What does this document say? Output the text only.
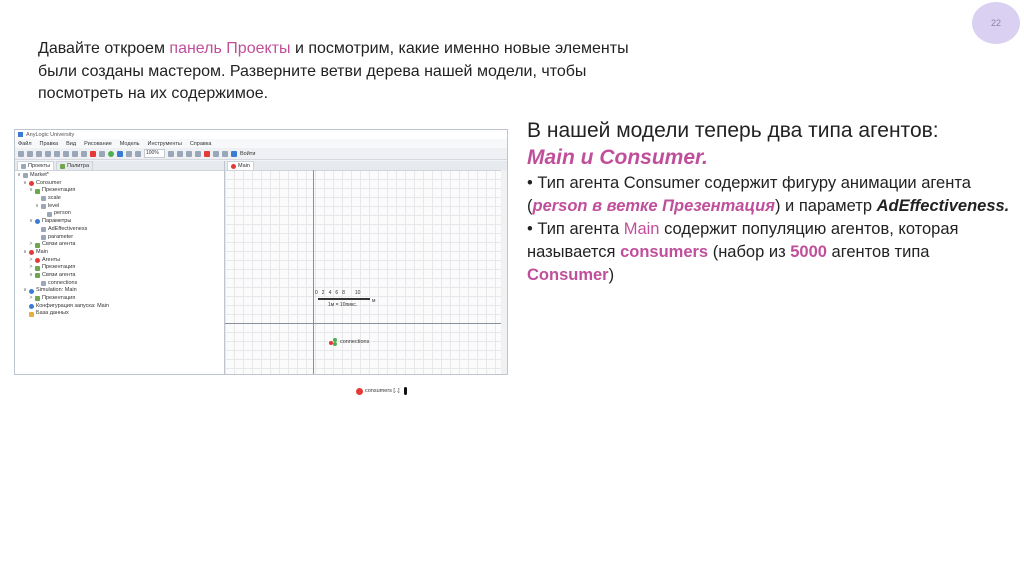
22
Давайте откроем панель Проекты и посмотрим, какие именно новые элементы были созданы мастером. Разверните ветви дерева нашей модели, чтобы посмотреть на их содержимое.
AnyLogic University
Файл Правка Вид Рисование Модель Инструменты Справка
100%	Войти
Проекты	Палитра
∨ Market*
∨ Consumer
∨ Презентация
scale
∨ level
person
∨ Параметры
AdEffectiveness
parameter
> Связи агента
∨ Main
> Агенты
> Презентация
∨ Связи агента
connections
∨ Simulation: Main
> Презентация
Конфигурация запуска: Main
База данных
Main
0 2 4 6 8 10
м
1м = 10пикс.
connections
consumers [..]

В нашей модели теперь два типа агентов:

Main и Consumer.

• Тип агента Consumer содержит фигуру анимации агента (person в ветке Презентация) и параметр AdEffectiveness.

• Тип агента Main содержит популяцию агентов, которая называется consumers (набор из 5000 агентов типа Consumer)
